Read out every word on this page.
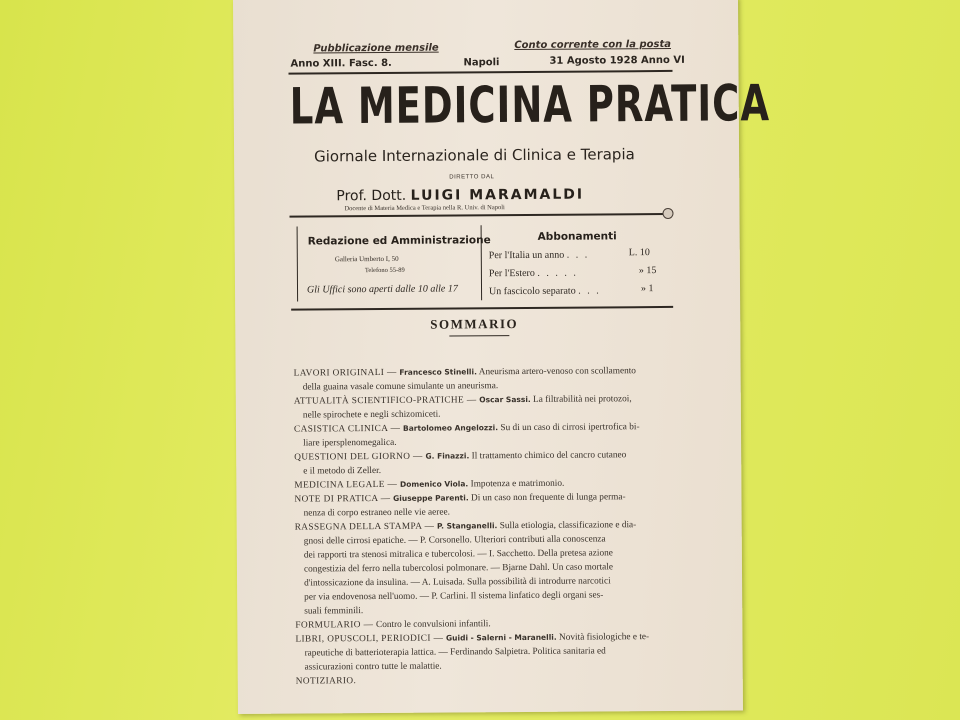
Pubblicazione mensile	Conto corrente con la posta
Anno XIII. Fasc. 8.	Napoli	31 Agosto 1928 Anno VI
LA MEDICINA PRATICA
Giornale Internazionale di Clinica e Terapia
DIRETTO DAL
Prof. Dott. LUIGI MARAMALDI
Docente di Materia Medica e Terapia nella R. Univ. di Napoli
Redazione ed Amministrazione
Galleria Umberto I, 50
Telefono 55-89
Gli Uffici sono aperti dalle 10 alle 17
Abbonamenti
Per l'Italia un anno . . .	L. 10
Per l'Estero . . . . .	» 15
Un fascicolo separato . . .	» 1
SOMMARIO
LAVORI ORIGINALI — Francesco Stinelli. Aneurisma artero-venoso con scollamento
della guaina vasale comune simulante un aneurisma.
ATTUALITÀ SCIENTIFICO-PRATICHE — Oscar Sassi. La filtrabilità nei protozoi,
nelle spirochete e negli schizomiceti.
CASISTICA CLINICA — Bartolomeo Angelozzi. Su di un caso di cirrosi ipertrofica bi-
liare ipersplenomegalica.
QUESTIONI DEL GIORNO — G. Finazzi. Il trattamento chimico del cancro cutaneo
e il metodo di Zeller.
MEDICINA LEGALE — Domenico Viola. Impotenza e matrimonio.
NOTE DI PRATICA — Giuseppe Parenti. Di un caso non frequente di lunga perma-
nenza di corpo estraneo nelle vie aeree.
RASSEGNA DELLA STAMPA — P. Stanganelli. Sulla etiologia, classificazione e dia-
gnosi delle cirrosi epatiche. — P. Corsonello. Ulteriori contributi alla conoscenza
dei rapporti tra stenosi mitralica e tubercolosi. — I. Sacchetto. Della pretesa azione
congestizia del ferro nella tubercolosi polmonare. — Bjarne Dahl. Un caso mortale
d'intossicazione da insulina. — A. Luisada. Sulla possibilità di introdurre narcotici
per via endovenosa nell'uomo. — P. Carlini. Il sistema linfatico degli organi ses-
suali femminili.
FORMULARIO — Contro le convulsioni infantili.
LIBRI, OPUSCOLI, PERIODICI — Guidi - Salerni - Maranelli. Novità fisiologiche e te-
rapeutiche di batterioterapia lattica. — Ferdinando Salpietra. Politica sanitaria ed
assicurazioni contro tutte le malattie.
NOTIZIARIO.
